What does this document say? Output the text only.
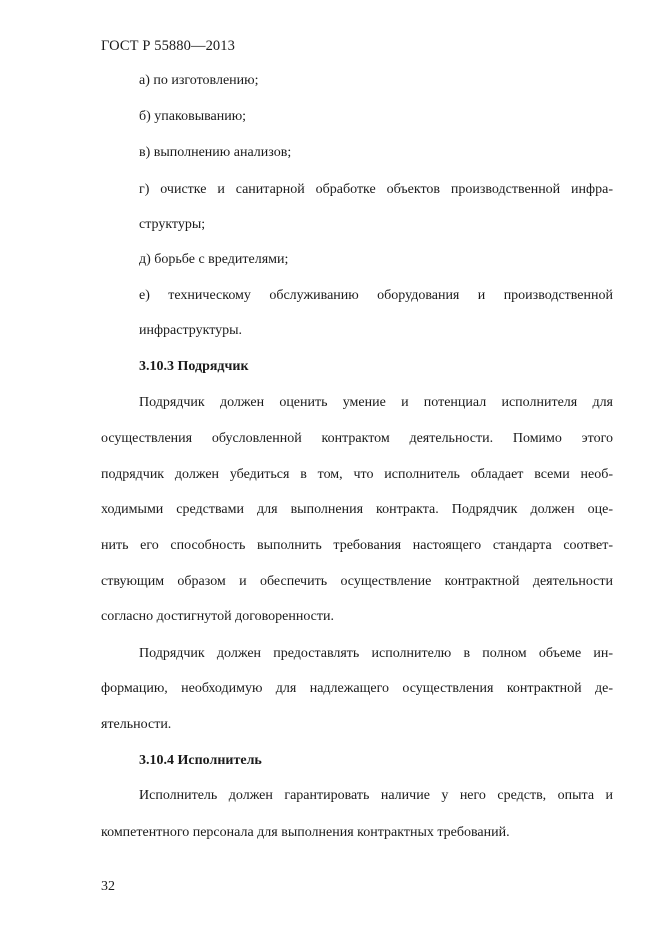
ГОСТ Р 55880—2013
а) по изготовлению;
б) упаковыванию;
в) выполнению анализов;
г) очистке и санитарной обработке объектов производственной инфра-
структуры;
д) борьбе с вредителями;
е) техническому обслуживанию оборудования и производственной
инфраструктуры.
3.10.3 Подрядчик
Подрядчик должен оценить умение и потенциал исполнителя для
осуществления обусловленной контрактом деятельности. Помимо этого
подрядчик должен убедиться в том, что исполнитель обладает всеми необ-
ходимыми средствами для выполнения контракта. Подрядчик должен оце-
нить его способность выполнить требования настоящего стандарта соответ-
ствующим образом и обеспечить осуществление контрактной деятельности
согласно достигнутой договоренности.
Подрядчик должен предоставлять исполнителю в полном объеме ин-
формацию, необходимую для надлежащего осуществления контрактной де-
ятельности.
3.10.4 Исполнитель
Исполнитель должен гарантировать наличие у него средств, опыта и
компетентного персонала для выполнения контрактных требований.
32
